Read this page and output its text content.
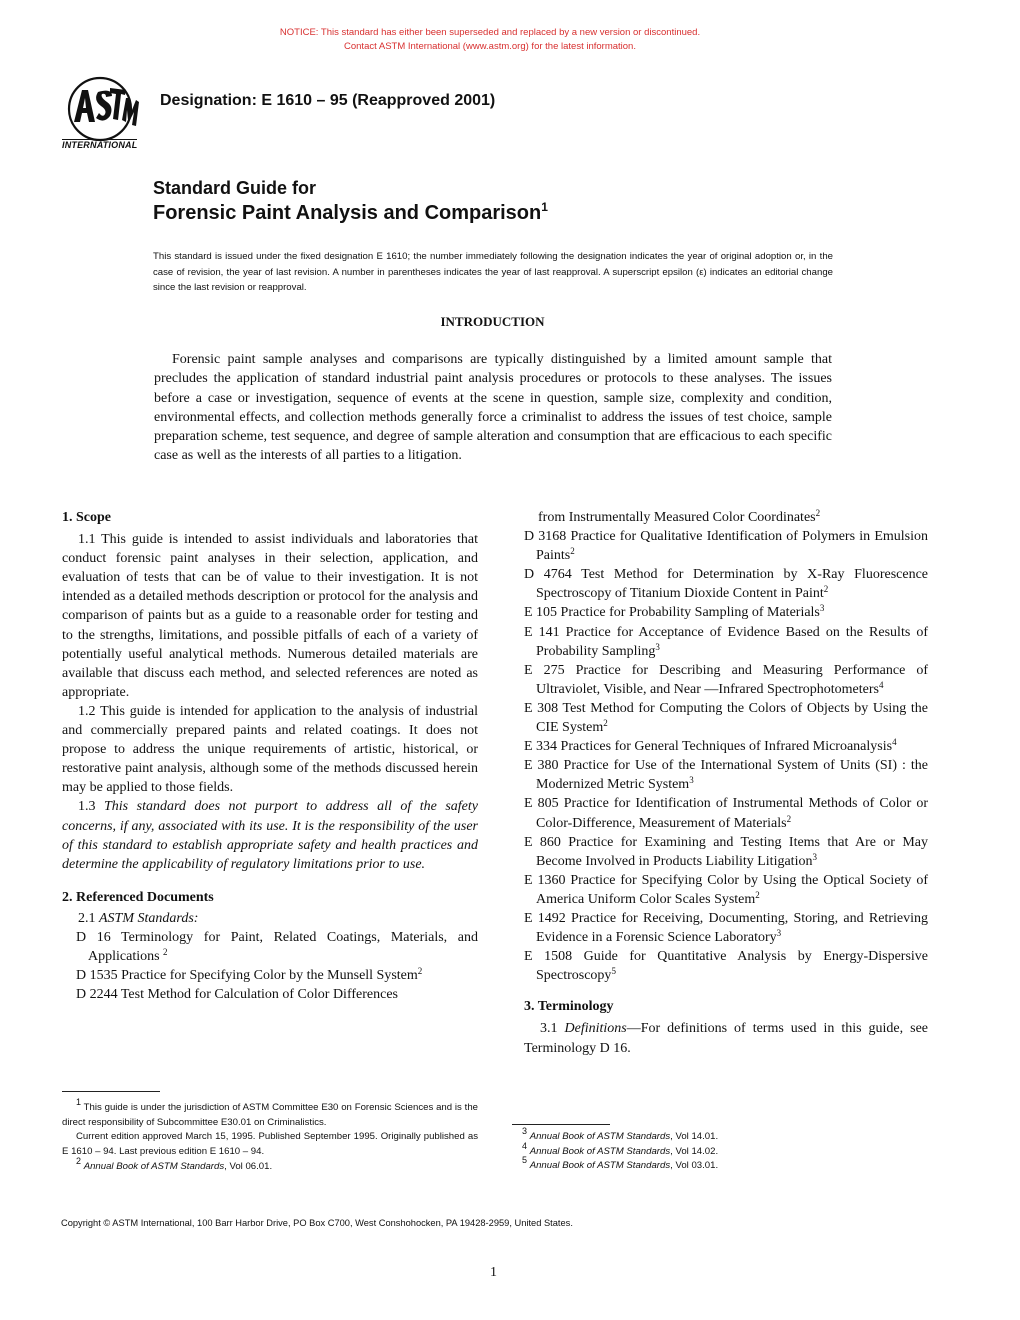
NOTICE: This standard has either been superseded and replaced by a new version or discontinued.
Contact ASTM International (www.astm.org) for the latest information.
INTERNATIONAL
Designation: E 1610 – 95 (Reapproved 2001)
Standard Guide for
Forensic Paint Analysis and Comparison$^1$
This standard is issued under the fixed designation E 1610; the number immediately following the designation indicates the year of original adoption or, in the case of revision, the year of last revision. A number in parentheses indicates the year of last reapproval. A superscript epsilon (ε) indicates an editorial change since the last revision or reapproval.
INTRODUCTION

Forensic paint sample analyses and comparisons are typically distinguished by a limited amount sample that precludes the application of standard industrial paint analysis procedures or protocols to these analyses. The issues before a case or investigation, sequence of events at the scene in question, sample size, complexity and condition, environmental effects, and collection methods generally force a criminalist to address the issues of test choice, sample preparation scheme, test sequence, and degree of sample alteration and consumption that are efficacious to each specific case as well as the interests of all parties to a litigation.

1. Scope

1.1 This guide is intended to assist individuals and laboratories that conduct forensic paint analyses in their selection, application, and evaluation of tests that can be of value to their investigation. It is not intended as a detailed methods description or protocol for the analysis and comparison of paints but as a guide to a reasonable order for testing and to the strengths, limitations, and possible pitfalls of each of a variety of potentially useful analytical methods. Numerous detailed materials are available that discuss each method, and selected references are noted as appropriate.

1.2 This guide is intended for application to the analysis of industrial and commercially prepared paints and related coatings. It does not propose to address the unique requirements of artistic, historical, or restorative paint analysis, although some of the methods discussed herein may be applied to those fields.

1.3 This standard does not purport to address all of the safety concerns, if any, associated with its use. It is the responsibility of the user of this standard to establish appropriate safety and health practices and determine the applicability of regulatory limitations prior to use.

2. Referenced Documents

2.1 ASTM Standards:

D 16 Terminology for Paint, Related Coatings, Materials, and Applications $^2$

D 1535 Practice for Specifying Color by the Munsell System$^2$

D 2244 Test Method for Calculation of Color Differences

$^1$ This guide is under the jurisdiction of ASTM Committee E30 on Forensic Sciences and is the direct responsibility of Subcommittee E30.01 on Criminalistics.

Current edition approved March 15, 1995. Published September 1995. Originally published as E 1610 – 94. Last previous edition E 1610 – 94.

$^2$ Annual Book of ASTM Standards, Vol 06.01.

from Instrumentally Measured Color Coordinates$^2$

D 3168 Practice for Qualitative Identification of Polymers in Emulsion Paints$^2$

D 4764 Test Method for Determination by X-Ray Fluorescence Spectroscopy of Titanium Dioxide Content in Paint$^2$

E 105 Practice for Probability Sampling of Materials$^3$

E 141 Practice for Acceptance of Evidence Based on the Results of Probability Sampling$^3$

E 275 Practice for Describing and Measuring Performance of Ultraviolet, Visible, and Near —Infrared Spectrophotometers$^4$

E 308 Test Method for Computing the Colors of Objects by Using the CIE System$^2$

E 334 Practices for General Techniques of Infrared Microanalysis$^4$

E 380 Practice for Use of the International System of Units (SI) : the Modernized Metric System$^3$

E 805 Practice for Identification of Instrumental Methods of Color or Color-Difference, Measurement of Materials$^2$

E 860 Practice for Examining and Testing Items that Are or May Become Involved in Products Liability Litigation$^3$

E 1360 Practice for Specifying Color by Using the Optical Society of America Uniform Color Scales System$^2$

E 1492 Practice for Receiving, Documenting, Storing, and Retrieving Evidence in a Forensic Science Laboratory$^3$

E 1508 Guide for Quantitative Analysis by Energy-Dispersive Spectroscopy$^5$

3. Terminology

3.1 Definitions—For definitions of terms used in this guide, see Terminology D 16.

$^3$ Annual Book of ASTM Standards, Vol 14.01.

$^4$ Annual Book of ASTM Standards, Vol 14.02.

$^5$ Annual Book of ASTM Standards, Vol 03.01.

Copyright © ASTM International, 100 Barr Harbor Drive, PO Box C700, West Conshohocken, PA 19428-2959, United States.
1
